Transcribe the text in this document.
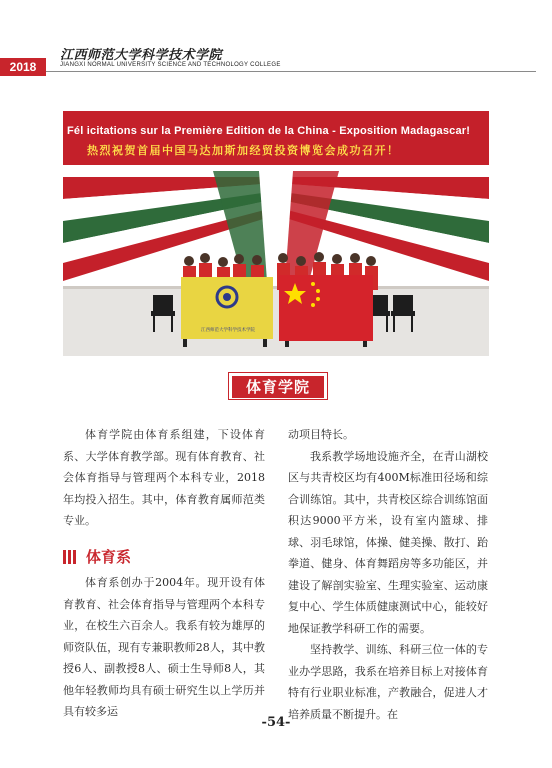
2018
江西师范大学科学技术学院
JIANGXI NORMAL UNIVERSITY SCIENCE AND TECHNOLOGY COLLEGE
Fél icitations sur la Première Edition de la China - Exposition Madagascar!
热烈祝贺首届中国马达加斯加经贸投资博览会成功召开！
江西师范大学科学技术学院
体育学院

体育学院由体育系组建，下设体育系、大学体育教学部。现有体育教育、社会体育指导与管理两个本科专业，2018年均投入招生。其中，体育教育属师范类专业。

体育系

体育系创办于2004年。现开设有体育教育、社会体育指导与管理两个本科专业，在校生六百余人。我系有较为雄厚的师资队伍，现有专兼职教师28人，其中教授6人、副教授8人、硕士生导师8人，其他年轻教师均具有硕士研究生以上学历并具有较多运

动项目特长。

我系教学场地设施齐全，在青山湖校区与共青校区均有400M标准田径场和综合训练馆。其中，共青校区综合训练馆面积达9000平方米，设有室内篮球、排球、羽毛球馆，体操、健美操、散打、跆拳道、健身、体育舞蹈房等多功能区，并建设了解剖实验室、生理实验室、运动康复中心、学生体质健康测试中心，能较好地保证教学科研工作的需要。

坚持教学、训练、科研三位一体的专业办学思路，我系在培养目标上对接体育特有行业职业标准，产教融合，促进人才培养质量不断提升。在

-54-
